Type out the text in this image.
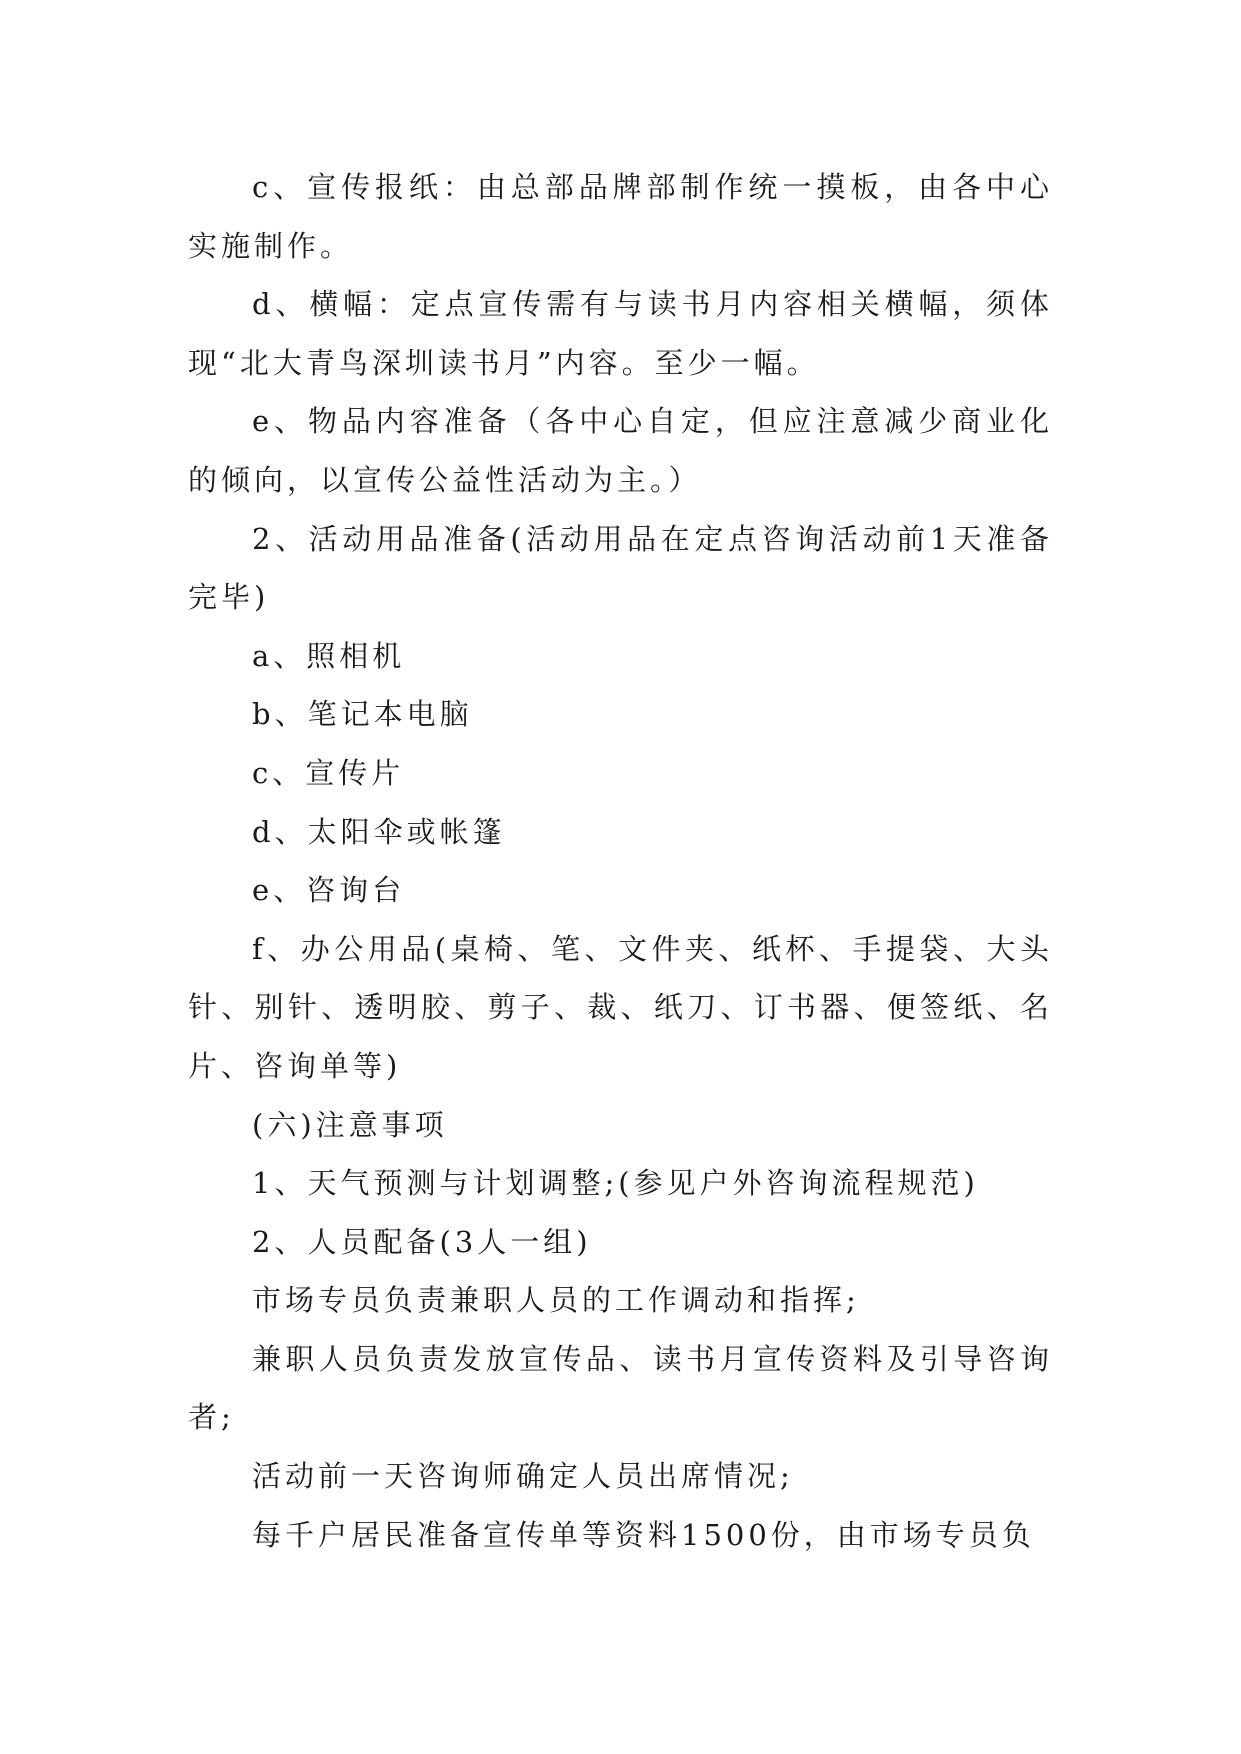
c、宣传报纸：由总部品牌部制作统一摸板，由各中心实施制作。

d、横幅：定点宣传需有与读书月内容相关横幅，须体现“北大青鸟深圳读书月”内容。至少一幅。

e、物品内容准备（各中心自定，但应注意减少商业化的倾向，以宣传公益性活动为主。）

2、活动用品准备(活动用品在定点咨询活动前1天准备完毕)

a、照相机

b、笔记本电脑

c、宣传片

d、太阳伞或帐篷

e、咨询台

f、办公用品(桌椅、笔、文件夹、纸杯、手提袋、大头针、别针、透明胶、剪子、裁、纸刀、订书器、便签纸、名片、咨询单等)

(六)注意事项

1、天气预测与计划调整;(参见户外咨询流程规范)

2、人员配备(3人一组)

市场专员负责兼职人员的工作调动和指挥;

兼职人员负责发放宣传品、读书月宣传资料及引导咨询者;

活动前一天咨询师确定人员出席情况;

每千户居民准备宣传单等资料1500份，由市场专员负
